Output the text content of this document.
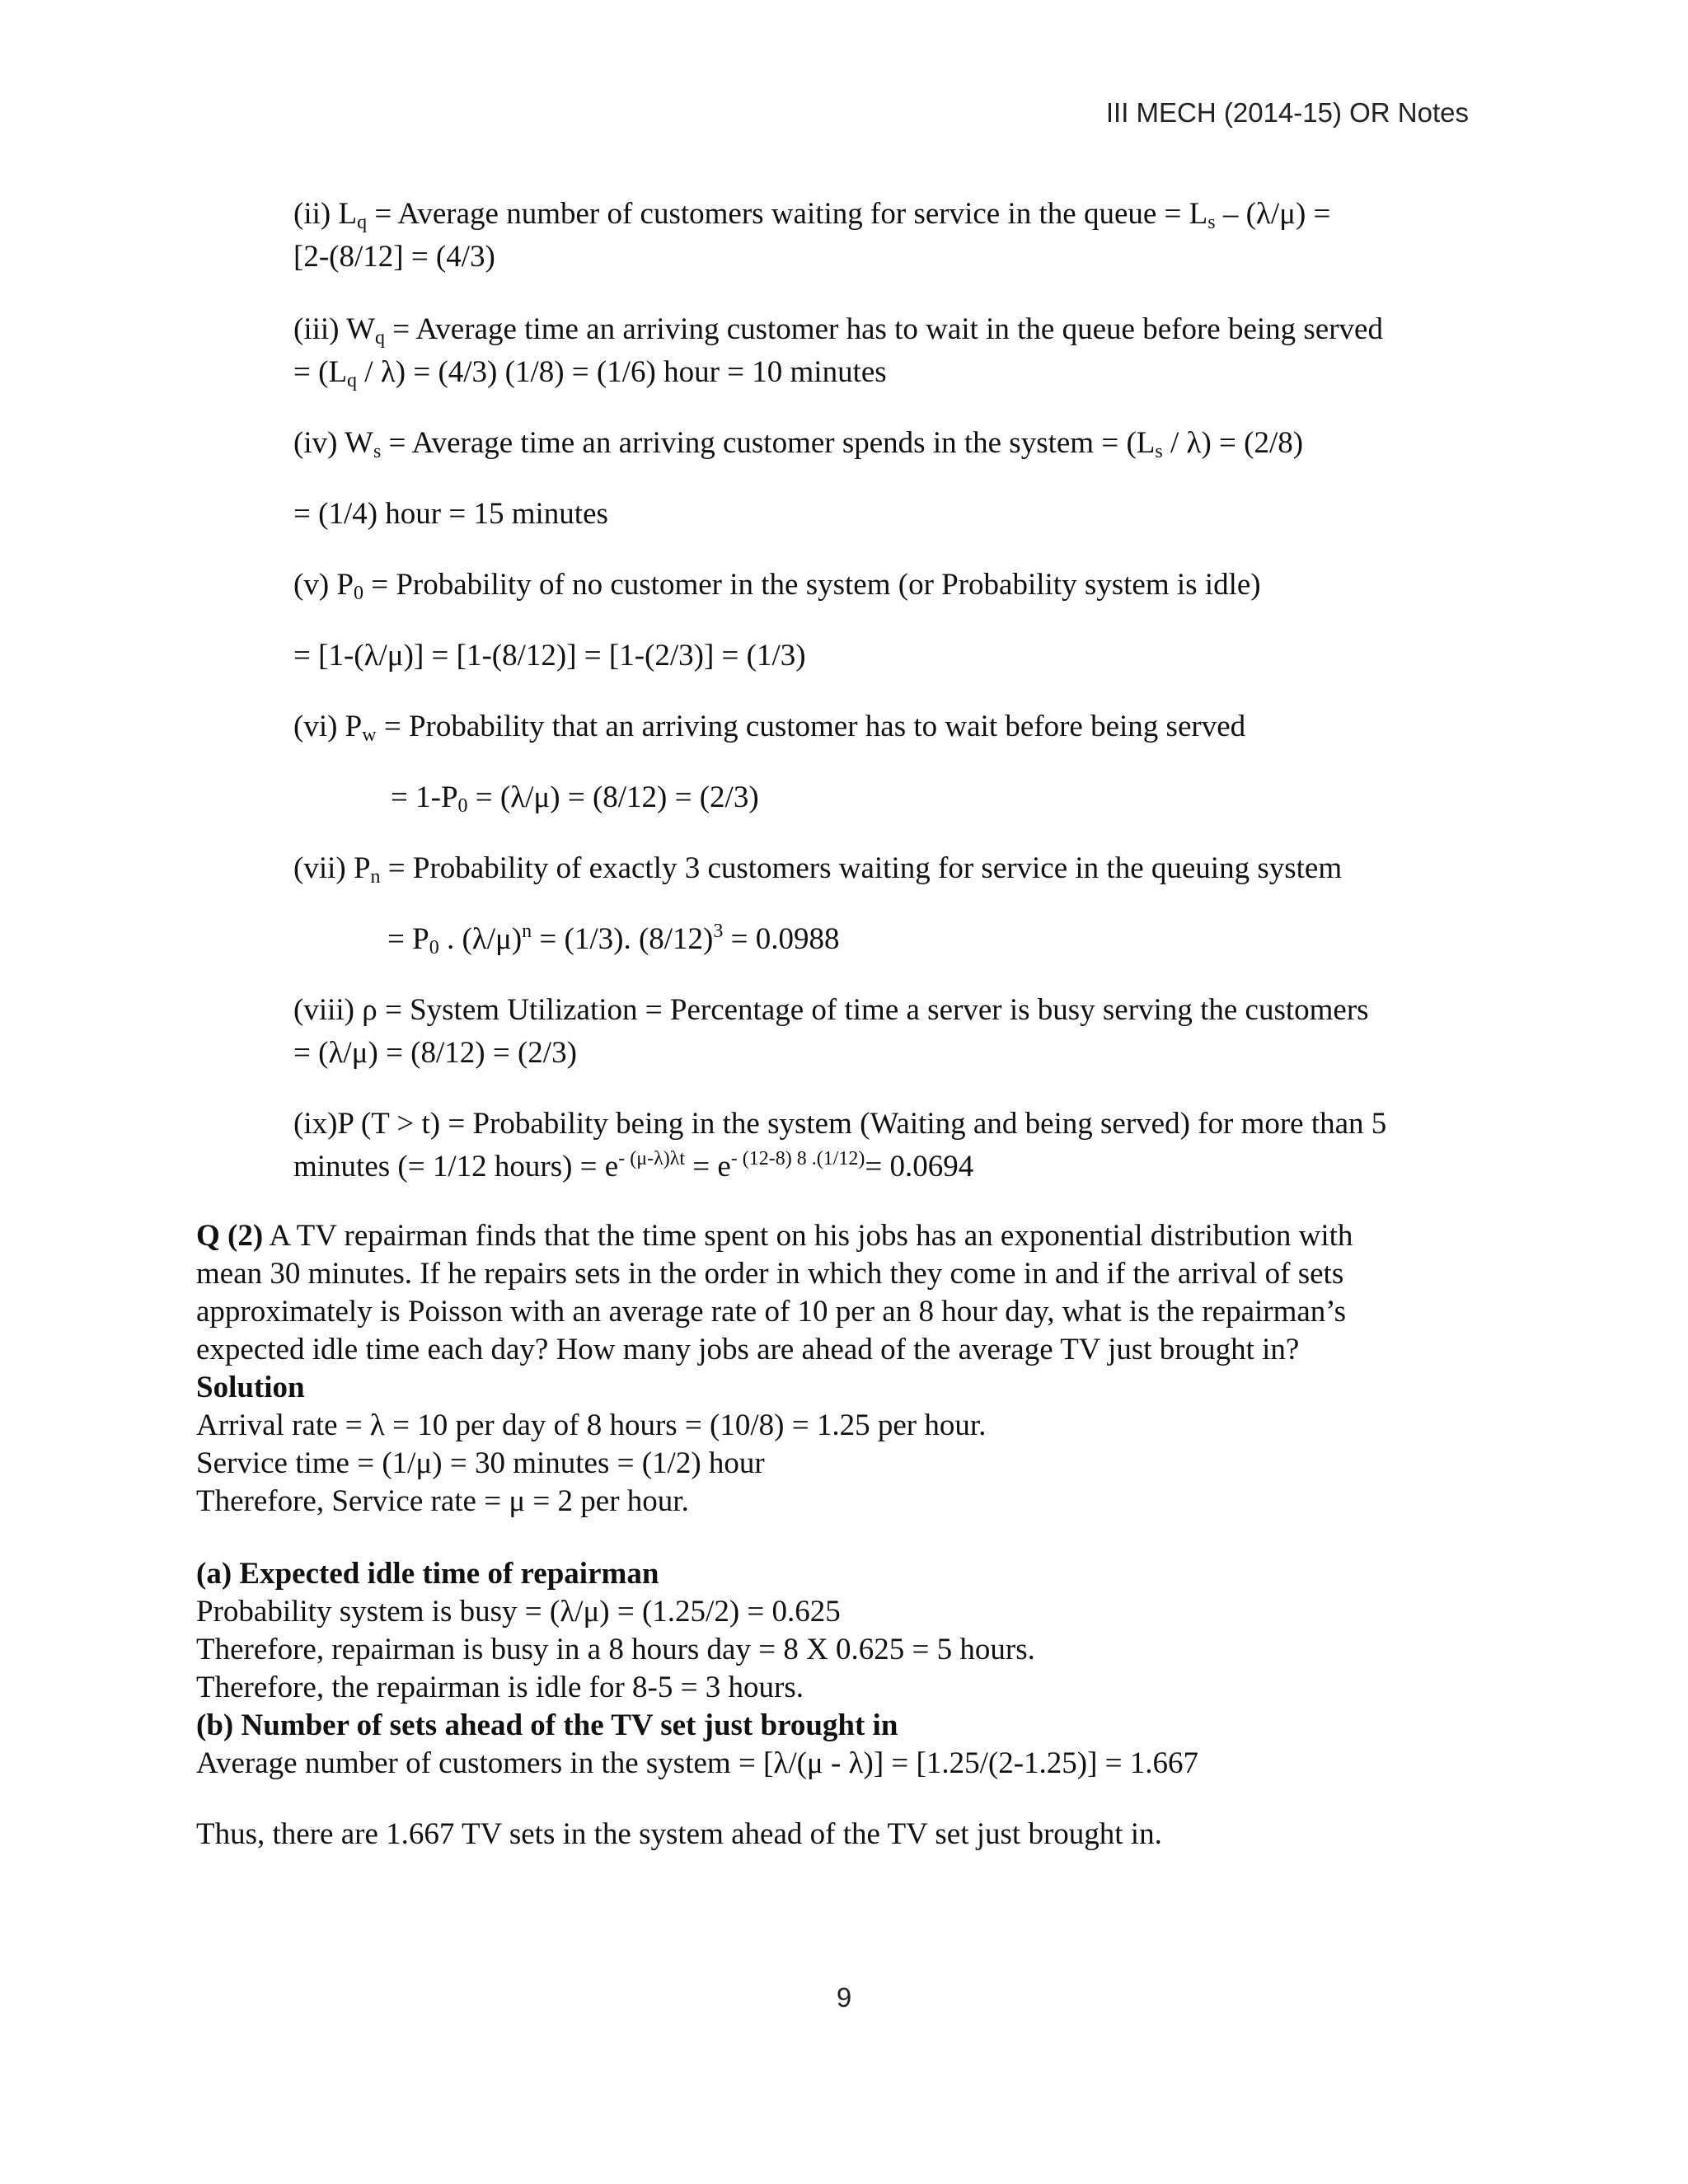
III MECH (2014-15) OR Notes
(ii) $L_q$ = Average number of customers waiting for service in the queue = $L_s - (\lambda/\mu)$ =
[2-(8/12] = (4/3)
(iii) $W_q$ = Average time an arriving customer has to wait in the queue before being served
= $(L_q / \lambda) = (4/3) (1/8) = (1/6)$ hour = 10 minutes
(iv) $W_s$ = Average time an arriving customer spends in the system = $(L_s / \lambda) = (2/8)$
= (1/4) hour = 15 minutes
(v) $P_0$ = Probability of no customer in the system (or Probability system is idle)
= [1-(λ/μ)] = [1-(8/12)] = [1-(2/3)] = (1/3)
(vi) $P_w$ = Probability that an arriving customer has to wait before being served
= $1-P_0 = (\lambda/\mu) = (8/12) = (2/3)$
(vii) $P_n$ = Probability of exactly 3 customers waiting for service in the queuing system
= $P_0$ . $(\lambda/\mu)^n = (1/3)$. $(8/12)^3 = 0.0988$
(viii) ρ = System Utilization = Percentage of time a server is busy serving the customers
= (λ/μ) = (8/12) = (2/3)
(ix)P (T > t) = Probability being in the system (Waiting and being served) for more than 5
minutes (= 1/12 hours) = $e^{- (\mu-\lambda)\lambda t} = e^{- (12-8) 8 .(1/12)}= 0.0694$
Q (2) A TV repairman finds that the time spent on his jobs has an exponential distribution with
mean 30 minutes. If he repairs sets in the order in which they come in and if the arrival of sets
approximately is Poisson with an average rate of 10 per an 8 hour day, what is the repairman’s
expected idle time each day? How many jobs are ahead of the average TV just brought in?
Solution
Arrival rate = λ = 10 per day of 8 hours = (10/8) = 1.25 per hour.
Service time = (1/μ) = 30 minutes = (1/2) hour
Therefore, Service rate = μ = 2 per hour.
(a) Expected idle time of repairman
Probability system is busy = (λ/μ) = (1.25/2) = 0.625
Therefore, repairman is busy in a 8 hours day = 8 X 0.625 = 5 hours.
Therefore, the repairman is idle for 8-5 = 3 hours.
(b) Number of sets ahead of the TV set just brought in
Average number of customers in the system = [λ/(μ - λ)] = [1.25/(2-1.25)] = 1.667
Thus, there are 1.667 TV sets in the system ahead of the TV set just brought in.
9
